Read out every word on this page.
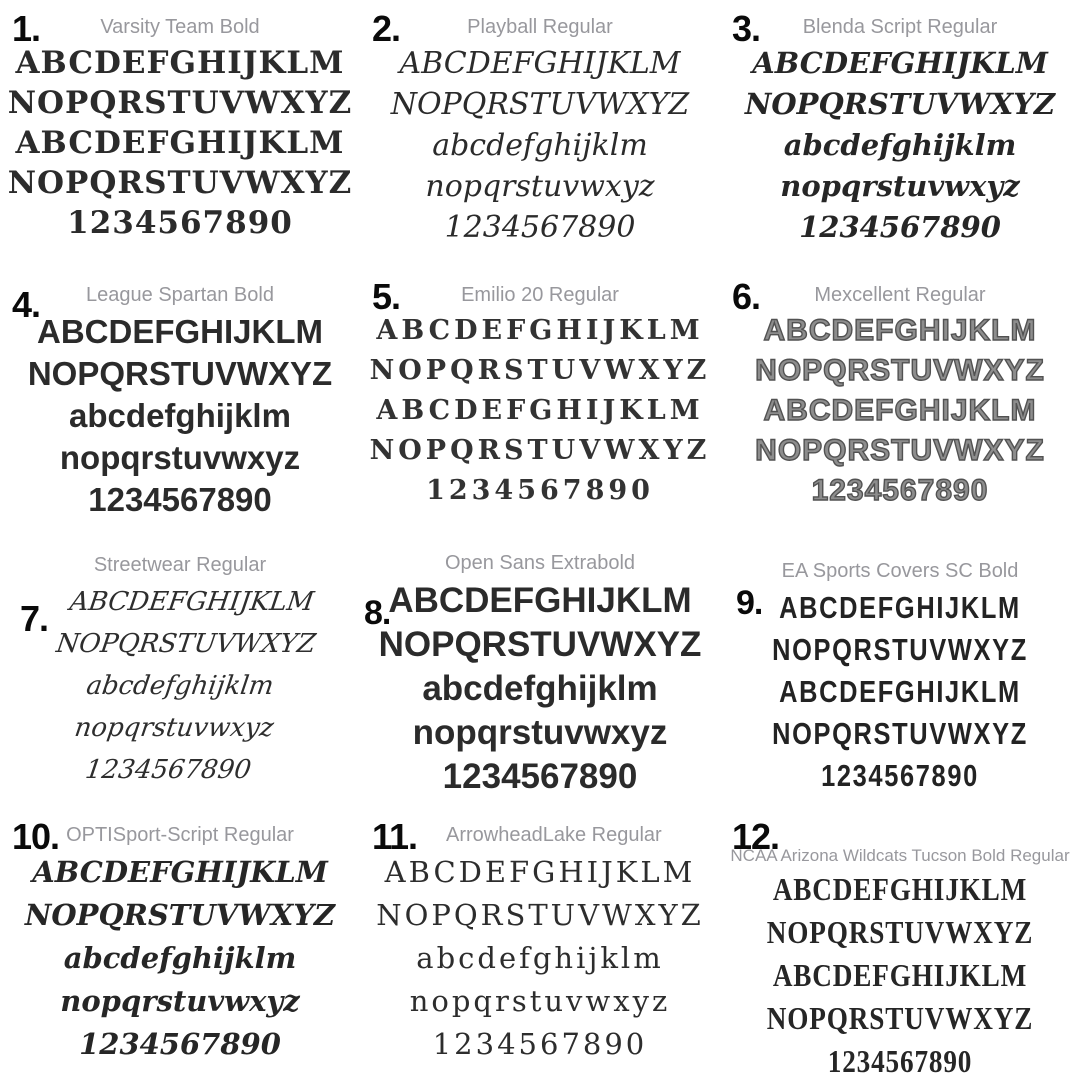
1.	Varsity Team Bold
ABCDEFGHIJKLM
NOPQRSTUVWXYZ
ABCDEFGHIJKLM
NOPQRSTUVWXYZ
1234567890
2.	Playball Regular
ABCDEFGHIJKLM
NOPQRSTUVWXYZ
abcdefghijklm
nopqrstuvwxyz
1234567890
3.	Blenda Script Regular
ABCDEFGHIJKLM
NOPQRSTUVWXYZ
abcdefghijklm
nopqrstuvwxyz
1234567890
4.	League Spartan Bold
ABCDEFGHIJKLM
NOPQRSTUVWXYZ
abcdefghijklm
nopqrstuvwxyz
1234567890
5.	Emilio 20 Regular
ABCDEFGHIJKLM
NOPQRSTUVWXYZ
ABCDEFGHIJKLM
NOPQRSTUVWXYZ
1234567890
6.	Mexcellent Regular
ABCDEFGHIJKLM
NOPQRSTUVWXYZ
ABCDEFGHIJKLM
NOPQRSTUVWXYZ
1234567890
7.
Streetwear Regular
ABCDEFGHIJKLM
NOPQRSTUVWXYZ
abcdefghijklm
nopqrstuvwxyz
1234567890
8.
Open Sans Extrabold
ABCDEFGHIJKLM
NOPQRSTUVWXYZ
abcdefghijklm
nopqrstuvwxyz
1234567890
9.
EA Sports Covers SC Bold
ABCDEFGHIJKLM
NOPQRSTUVWXYZ
ABCDEFGHIJKLM
NOPQRSTUVWXYZ
1234567890
10. OPTISport-Script Regular
ABCDEFGHIJKLM
NOPQRSTUVWXYZ
abcdefghijklm
nopqrstuvwxyz
1234567890
11. ArrowheadLake Regular
ABCDEFGHIJKLM
NOPQRSTUVWXYZ
abcdefghijklm
nopqrstuvwxyz
1234567890
12.
NCAA Arizona Wildcats Tucson Bold Regular
ABCDEFGHIJKLM
NOPQRSTUVWXYZ
ABCDEFGHIJKLM
NOPQRSTUVWXYZ
1234567890
